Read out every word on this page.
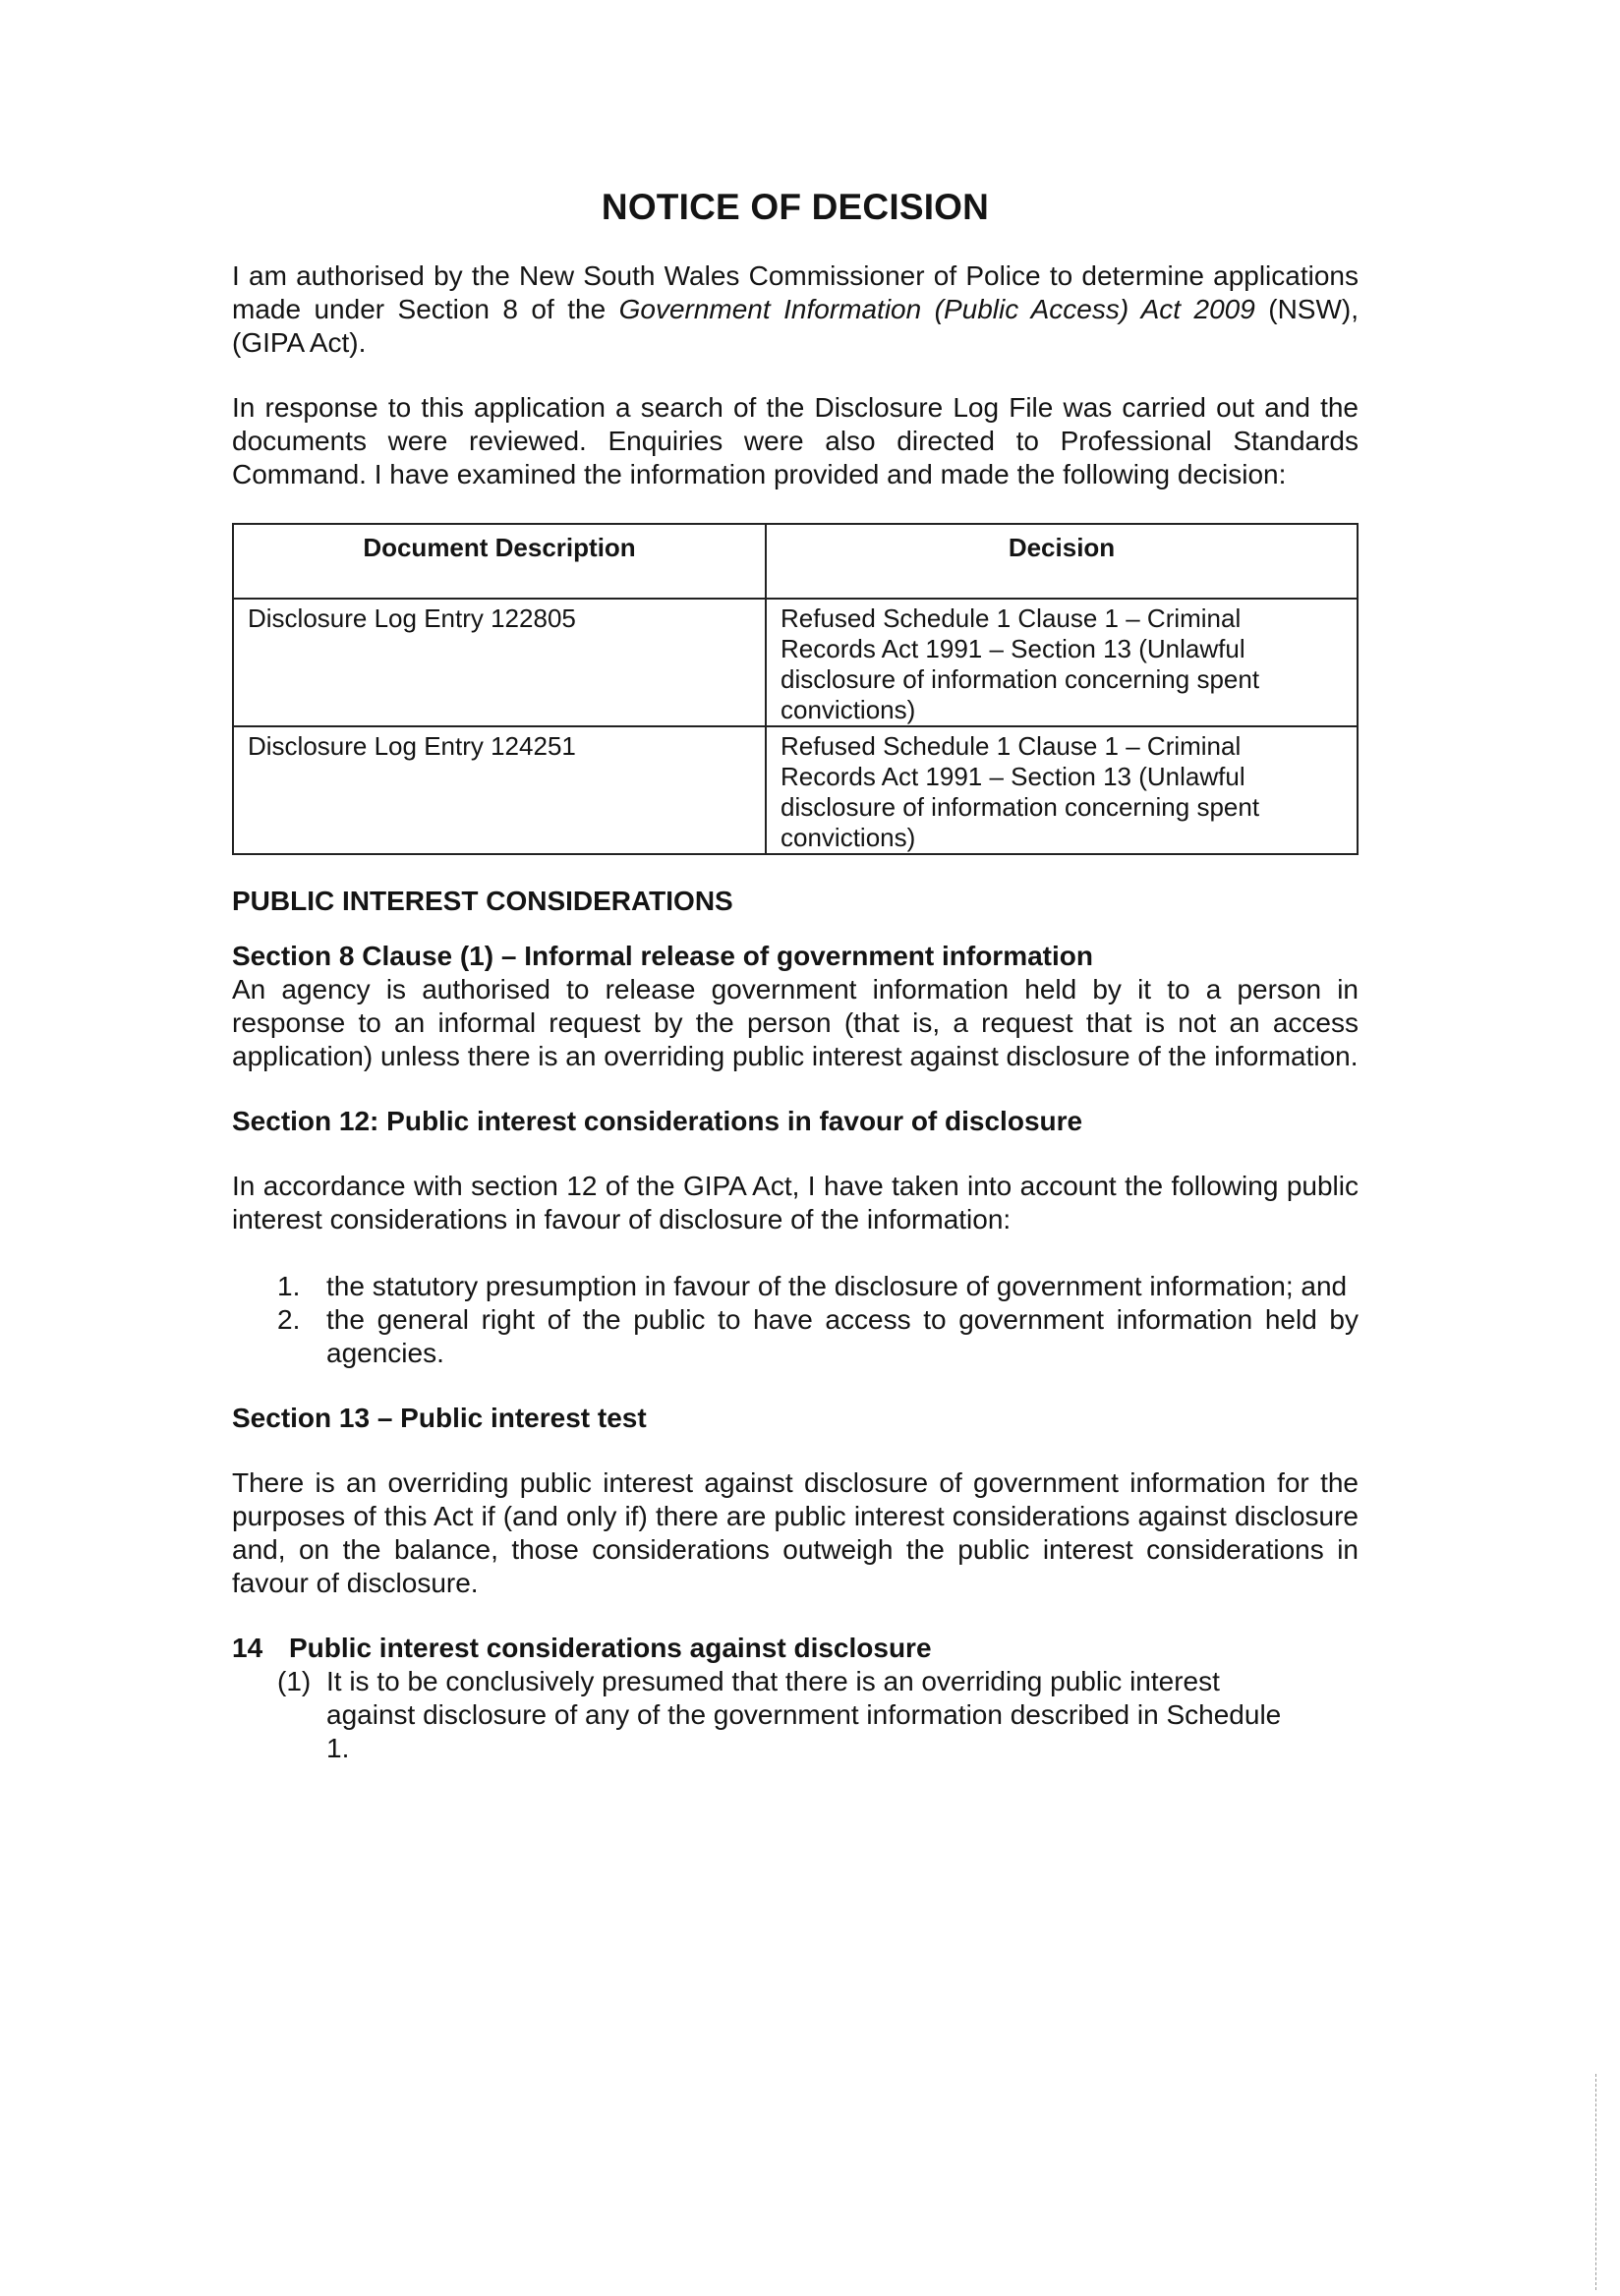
NOTICE OF DECISION

I am authorised by the New South Wales Commissioner of Police to determine applications made under Section 8 of the Government Information (Public Access) Act 2009 (NSW), (GIPA Act).

In response to this application a search of the Disclosure Log File was carried out and the documents were reviewed. Enquiries were also directed to Professional Standards Command. I have examined the information provided and made the following decision:

Document Description	Decision
Disclosure Log Entry 122805	Refused Schedule 1 Clause 1 – Criminal Records Act 1991 – Section 13 (Unlawful disclosure of information concerning spent convictions)
Disclosure Log Entry 124251	Refused Schedule 1 Clause 1 – Criminal Records Act 1991 – Section 13 (Unlawful disclosure of information concerning spent convictions)
PUBLIC INTEREST CONSIDERATIONS
Section 8 Clause (1) – Informal release of government information

An agency is authorised to release government information held by it to a person in response to an informal request by the person (that is, a request that is not an access application) unless there is an overriding public interest against disclosure of the information.

Section 12: Public interest considerations in favour of disclosure

In accordance with section 12 of the GIPA Act, I have taken into account the following public interest considerations in favour of disclosure of the information:

1. the statutory presumption in favour of the disclosure of government information; and
2. the general right of the public to have access to government information held by agencies.
Section 13 – Public interest test

There is an overriding public interest against disclosure of government information for the purposes of this Act if (and only if) there are public interest considerations against disclosure and, on the balance, those considerations outweigh the public interest considerations in favour of disclosure.

14 Public interest considerations against disclosure
(1) It is to be conclusively presumed that there is an overriding public interest against disclosure of any of the government information described in Schedule 1.
